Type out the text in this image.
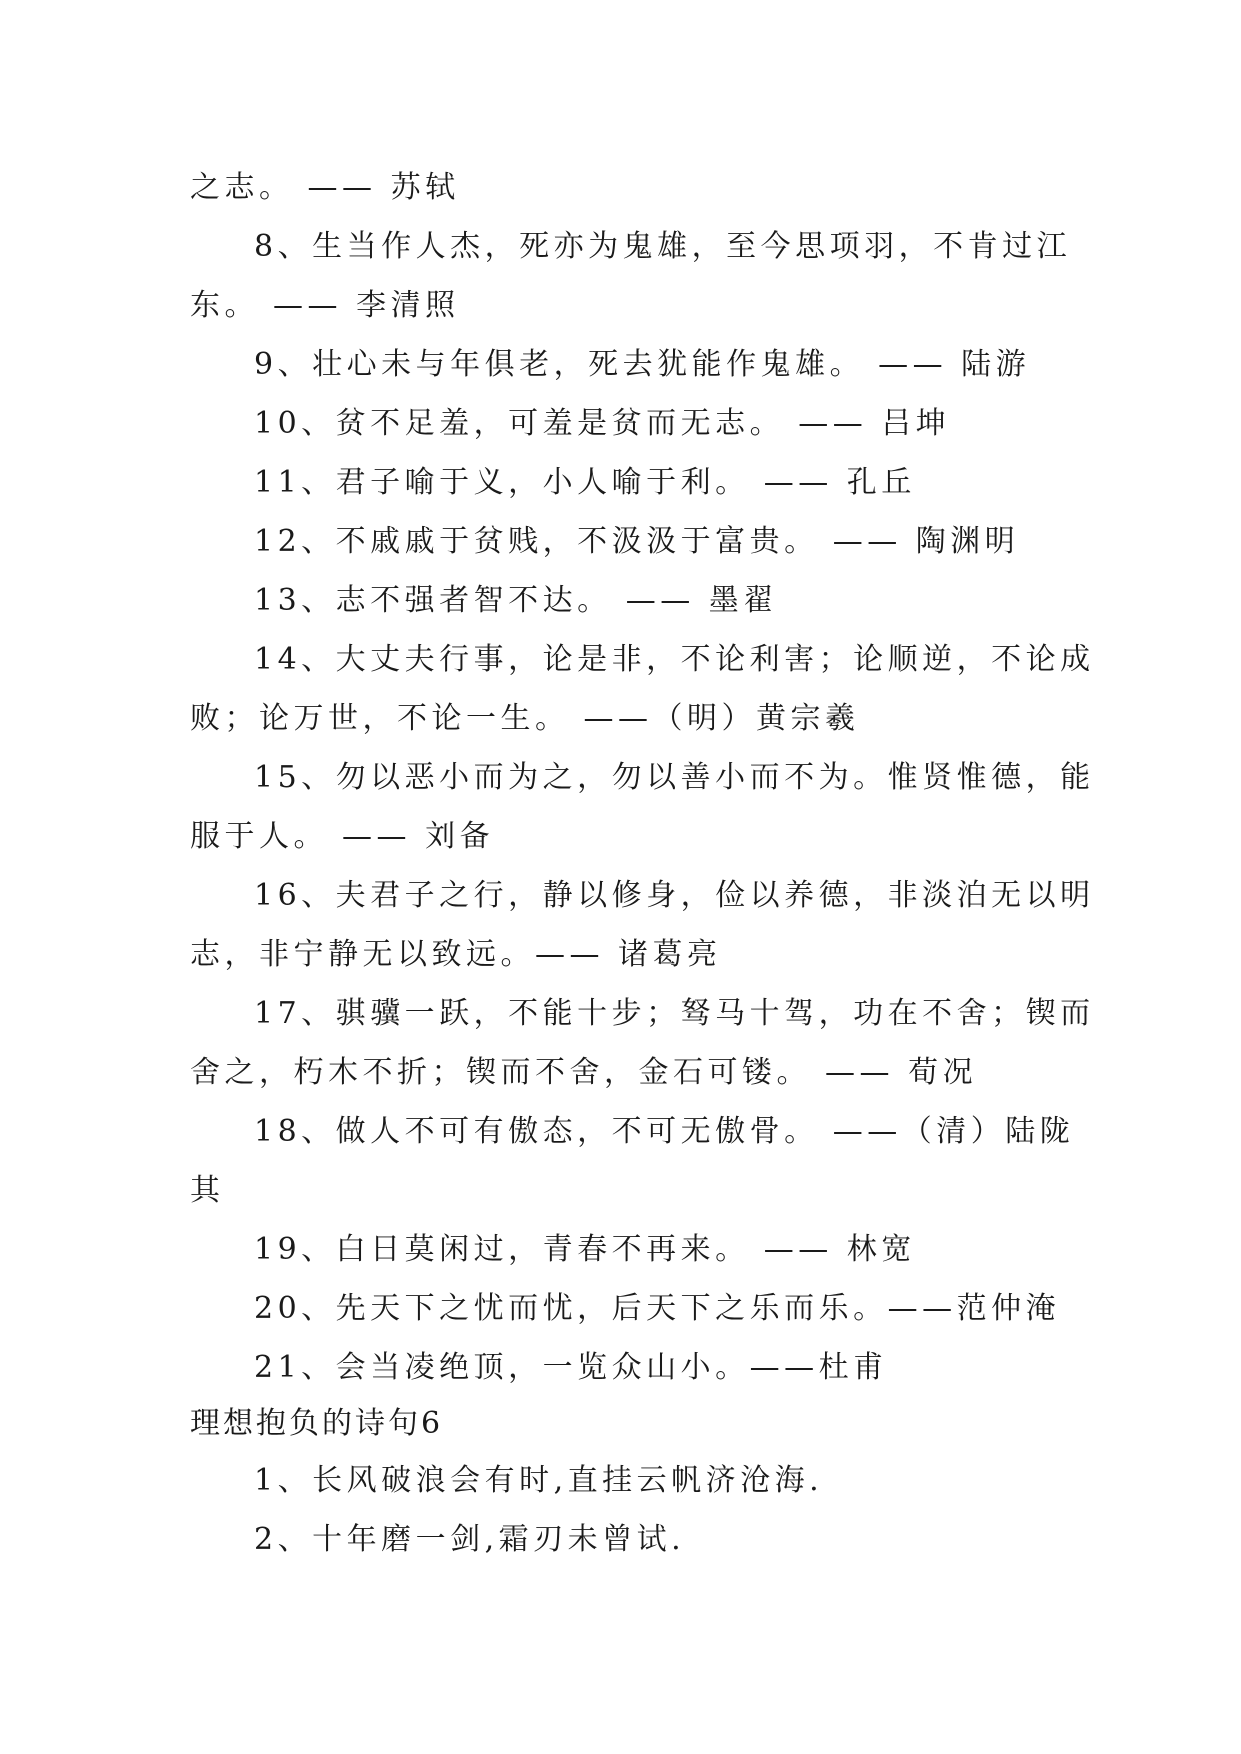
之志。 —— 苏轼
8、生当作人杰，死亦为鬼雄，至今思项羽，不肯过江
东。 —— 李清照
9、壮心未与年俱老，死去犹能作鬼雄。 —— 陆游
10、贫不足羞，可羞是贫而无志。 —— 吕坤
11、君子喻于义，小人喻于利。 —— 孔丘
12、不戚戚于贫贱，不汲汲于富贵。 —— 陶渊明
13、志不强者智不达。 —— 墨翟
14、大丈夫行事，论是非，不论利害；论顺逆，不论成
败；论万世，不论一生。 ——（明）黄宗羲
15、勿以恶小而为之，勿以善小而不为。惟贤惟德，能
服于人。 —— 刘备
16、夫君子之行，静以修身，俭以养德，非淡泊无以明
志，非宁静无以致远。—— 诸葛亮
17、骐骥一跃，不能十步；驽马十驾，功在不舍；锲而
舍之，朽木不折；锲而不舍，金石可镂。 —— 荀况
18、做人不可有傲态，不可无傲骨。 ——（清）陆陇
其
19、白日莫闲过，青春不再来。 —— 林宽
20、先天下之忧而忧，后天下之乐而乐。——范仲淹
21、会当凌绝顶，一览众山小。——杜甫
理想抱负的诗句6
1、长风破浪会有时,直挂云帆济沧海.
2、十年磨一剑,霜刃未曾试.
